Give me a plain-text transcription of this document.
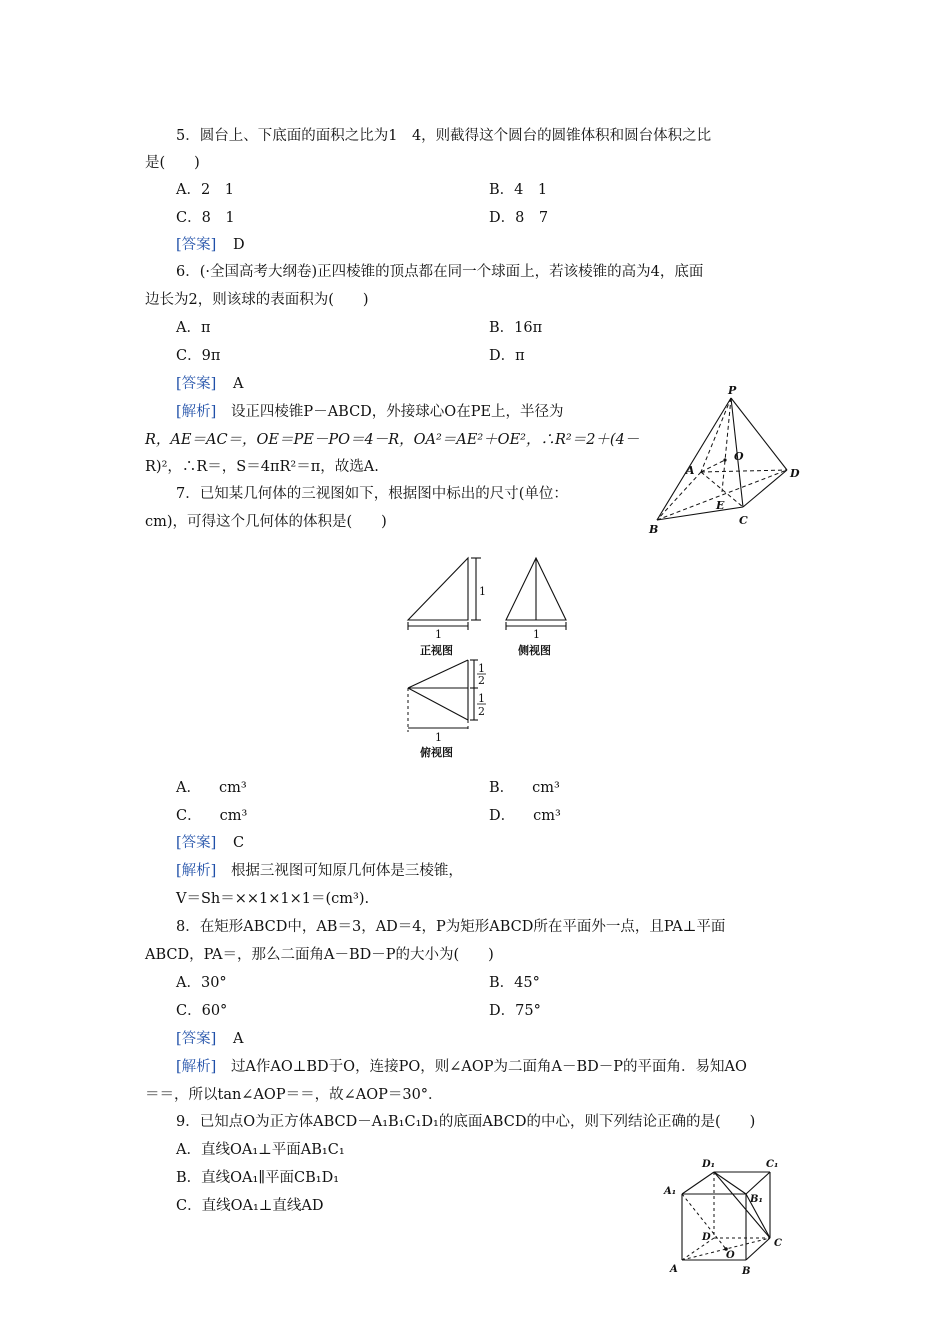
5．圆台上、下底面的面积之比为1　4，则截得这个圆台的圆锥体积和圆台体积之比
是(　　)
A．2　1	B．4　1
C．8　1	D．8　7
[答案] D
6．(·全国高考大纲卷)正四棱锥的顶点都在同一个球面上，若该棱锥的高为4，底面
边长为2，则该球的表面积为(　　)
A．π	B．16π
C．9π	D．π
[答案] A
[解析] 设正四棱锥P－ABCD，外接球心O在PE上，半径为
R，AE＝AC＝，OE＝PE－PO＝4－R，OA²＝AE²＋OE²，∴R²＝2＋(4－
R)²，∴R＝，S＝4πR²＝π，故选A.
P
O
A	D
E
B
C
7．已知某几何体的三视图如下，根据图中标出的尺寸(单位：
cm)，可得这个几何体的体积是(　　)
1
1	1
1
2
1
2
1
正视图	侧视图
俯视图
A． cm³	B． cm³
C． cm³	D． cm³
[答案] C
[解析] 根据三视图可知原几何体是三棱锥，
V＝Sh＝××1×1×1＝(cm³).
8．在矩形ABCD中，AB＝3，AD＝4，P为矩形ABCD所在平面外一点，且PA⊥平面
ABCD，PA＝，那么二面角A－BD－P的大小为(　　)
A．30°	B．45°
C．60°	D．75°
[答案] A
[解析] 过A作AO⊥BD于O，连接PO，则∠AOP为二面角A－BD－P的平面角．易知AO
＝＝，所以tan∠AOP＝＝，故∠AOP＝30°．
9．已知点O为正方体ABCD－A₁B₁C₁D₁的底面ABCD的中心，则下列结论正确的是(　　)
A．直线OA₁⊥平面AB₁C₁
B．直线OA₁∥平面CB₁D₁
C．直线OA₁⊥直线AD
D₁	C₁
A₁
B₁
D
O
C
A	B
